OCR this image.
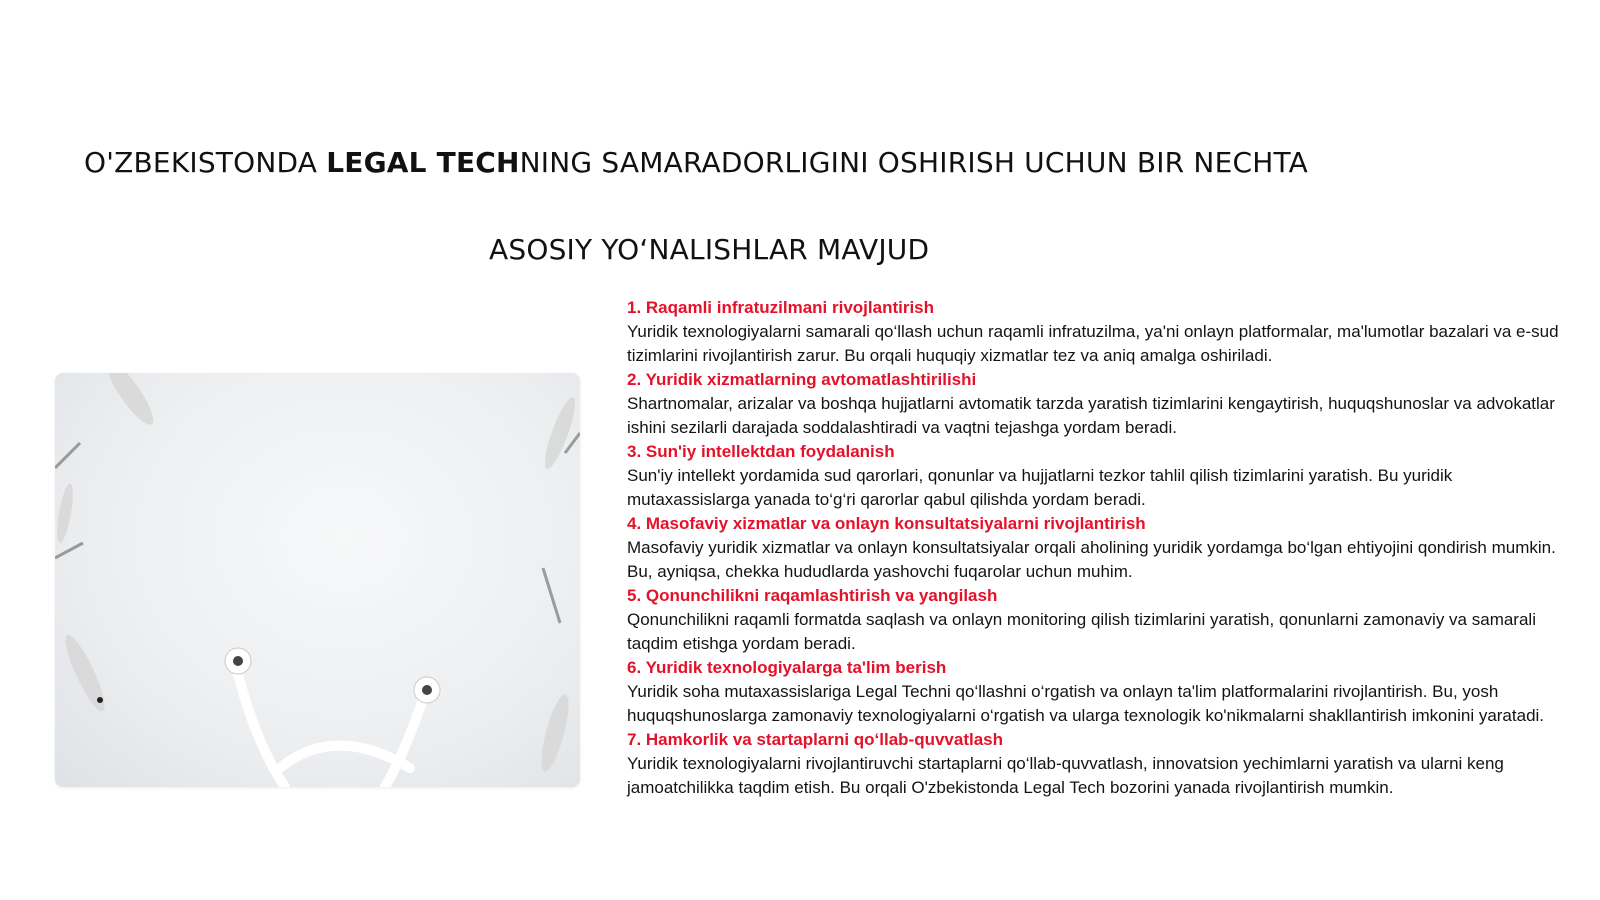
O'ZBEKISTONDA LEGAL TECHNING SAMARADORLIGINI OSHIRISH UCHUN BIR NECHTA
ASOSIY YO‘NALISHLAR MAVJUD
1. Raqamli infratuzilmani rivojlantirish
Yuridik texnologiyalarni samarali qo‘llash uchun raqamli infratuzilma, ya'ni onlayn platformalar, ma'lumotlar bazalari va e-sud tizimlarini rivojlantirish zarur. Bu orqali huquqiy xizmatlar tez va aniq amalga oshiriladi.
2. Yuridik xizmatlarning avtomatlashtirilishi
Shartnomalar, arizalar va boshqa hujjatlarni avtomatik tarzda yaratish tizimlarini kengaytirish, huquqshunoslar va advokatlar ishini sezilarli darajada soddalashtiradi va vaqtni tejashga yordam beradi.
3. Sun'iy intellektdan foydalanish
Sun'iy intellekt yordamida sud qarorlari, qonunlar va hujjatlarni tezkor tahlil qilish tizimlarini yaratish. Bu yuridik mutaxassislarga yanada to‘g‘ri qarorlar qabul qilishda yordam beradi.
4. Masofaviy xizmatlar va onlayn konsultatsiyalarni rivojlantirish
Masofaviy yuridik xizmatlar va onlayn konsultatsiyalar orqali aholining yuridik yordamga bo‘lgan ehtiyojini qondirish mumkin. Bu, ayniqsa, chekka hududlarda yashovchi fuqarolar uchun muhim.
5. Qonunchilikni raqamlashtirish va yangilash
Qonunchilikni raqamli formatda saqlash va onlayn monitoring qilish tizimlarini yaratish, qonunlarni zamonaviy va samarali taqdim etishga yordam beradi.
6. Yuridik texnologiyalarga ta'lim berish
Yuridik soha mutaxassislariga Legal Techni qo‘llashni o‘rgatish va onlayn ta'lim platformalarini rivojlantirish. Bu, yosh huquqshunoslarga zamonaviy texnologiyalarni o‘rgatish va ularga texnologik ko'nikmalarni shakllantirish imkonini yaratadi.
7. Hamkorlik va startaplarni qo‘llab-quvvatlash
Yuridik texnologiyalarni rivojlantiruvchi startaplarni qo‘llab-quvvatlash, innovatsion yechimlarni yaratish va ularni keng jamoatchilikka taqdim etish. Bu orqali O'zbekistonda Legal Tech bozorini yanada rivojlantirish mumkin.
